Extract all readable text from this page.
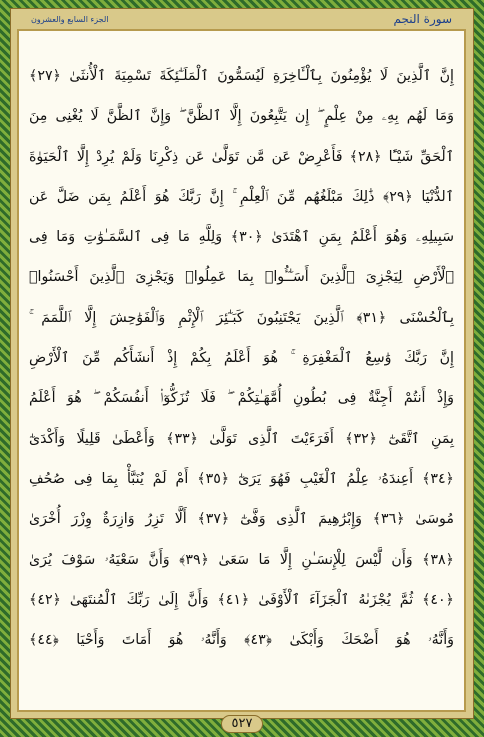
سورة النجم
الجزء السابع والعشرون
إِنَّ ٱلَّذِينَ لَا يُؤْمِنُونَ بِٱلْـَٔاخِرَةِ لَيُسَمُّونَ ٱلْمَلَـٰٓئِكَةَ تَسْمِيَةَ ٱلْأُنثَىٰ ﴿٢٧﴾
وَمَا لَهُم بِهِۦ مِنْ عِلْمٍ ۖ إِن يَتَّبِعُونَ إِلَّا ٱلظَّنَّ ۖ وَإِنَّ ٱلظَّنَّ لَا يُغْنِى مِنَ
ٱلْحَقِّ شَيْـًٔا ﴿٢٨﴾ فَأَعْرِضْ عَن مَّن تَوَلَّىٰ عَن ذِكْرِنَا وَلَمْ يُرِدْ إِلَّا ٱلْحَيَوٰةَ
ٱلدُّنْيَا ﴿٢٩﴾ ذَٰلِكَ مَبْلَغُهُم مِّنَ ٱلْعِلْمِ ۚ إِنَّ رَبَّكَ هُوَ أَعْلَمُ بِمَن ضَلَّ عَن
سَبِيلِهِۦ وَهُوَ أَعْلَمُ بِمَنِ ٱهْتَدَىٰ ﴿٣٠﴾ وَلِلَّهِ مَا فِى ٱلسَّمَـٰوَٰتِ وَمَا فِى
ٱلْأَرْضِ لِيَجْزِىَ ٱلَّذِينَ أَسَـٰٓـُٔوا۟ بِمَا عَمِلُوا۟ وَيَجْزِىَ ٱلَّذِينَ أَحْسَنُوا۟
بِٱلْحُسْنَى ﴿٣١﴾ ٱلَّذِينَ يَجْتَنِبُونَ كَبَـٰٓئِرَ ٱلْإِثْمِ وَٱلْفَوَٰحِشَ إِلَّا ٱللَّمَمَ ۚ
إِنَّ رَبَّكَ وَٰسِعُ ٱلْمَغْفِرَةِ ۚ هُوَ أَعْلَمُ بِكُمْ إِذْ أَنشَأَكُم مِّنَ ٱلْأَرْضِ
وَإِذْ أَنتُمْ أَجِنَّةٌ فِى بُطُونِ أُمَّهَـٰتِكُمْ ۖ فَلَا تُزَكُّوٓا۟ أَنفُسَكُمْ ۖ هُوَ أَعْلَمُ
بِمَنِ ٱتَّقَىٰٓ ﴿٣٢﴾ أَفَرَءَيْتَ ٱلَّذِى تَوَلَّىٰ ﴿٣٣﴾ وَأَعْطَىٰ قَلِيلًا وَأَكْدَىٰٓ
﴿٣٤﴾ أَعِندَهُۥ عِلْمُ ٱلْغَيْبِ فَهُوَ يَرَىٰٓ ﴿٣٥﴾ أَمْ لَمْ يُنَبَّأْ بِمَا فِى صُحُفِ
مُوسَىٰ ﴿٣٦﴾ وَإِبْرَٰهِيمَ ٱلَّذِى وَفَّىٰٓ ﴿٣٧﴾ أَلَّا تَزِرُ وَازِرَةٌ وِزْرَ أُخْرَىٰ
﴿٣٨﴾ وَأَن لَّيْسَ لِلْإِنسَـٰنِ إِلَّا مَا سَعَىٰ ﴿٣٩﴾ وَأَنَّ سَعْيَهُۥ سَوْفَ يُرَىٰ
﴿٤٠﴾ ثُمَّ يُجْزَىٰهُ ٱلْجَزَآءَ ٱلْأَوْفَىٰ ﴿٤١﴾ وَأَنَّ إِلَىٰ رَبِّكَ ٱلْمُنتَهَىٰ ﴿٤٢﴾
وَأَنَّهُۥ هُوَ أَضْحَكَ وَأَبْكَىٰ ﴿٤٣﴾ وَأَنَّهُۥ هُوَ أَمَاتَ وَأَحْيَا ﴿٤٤﴾
٥٢٧
